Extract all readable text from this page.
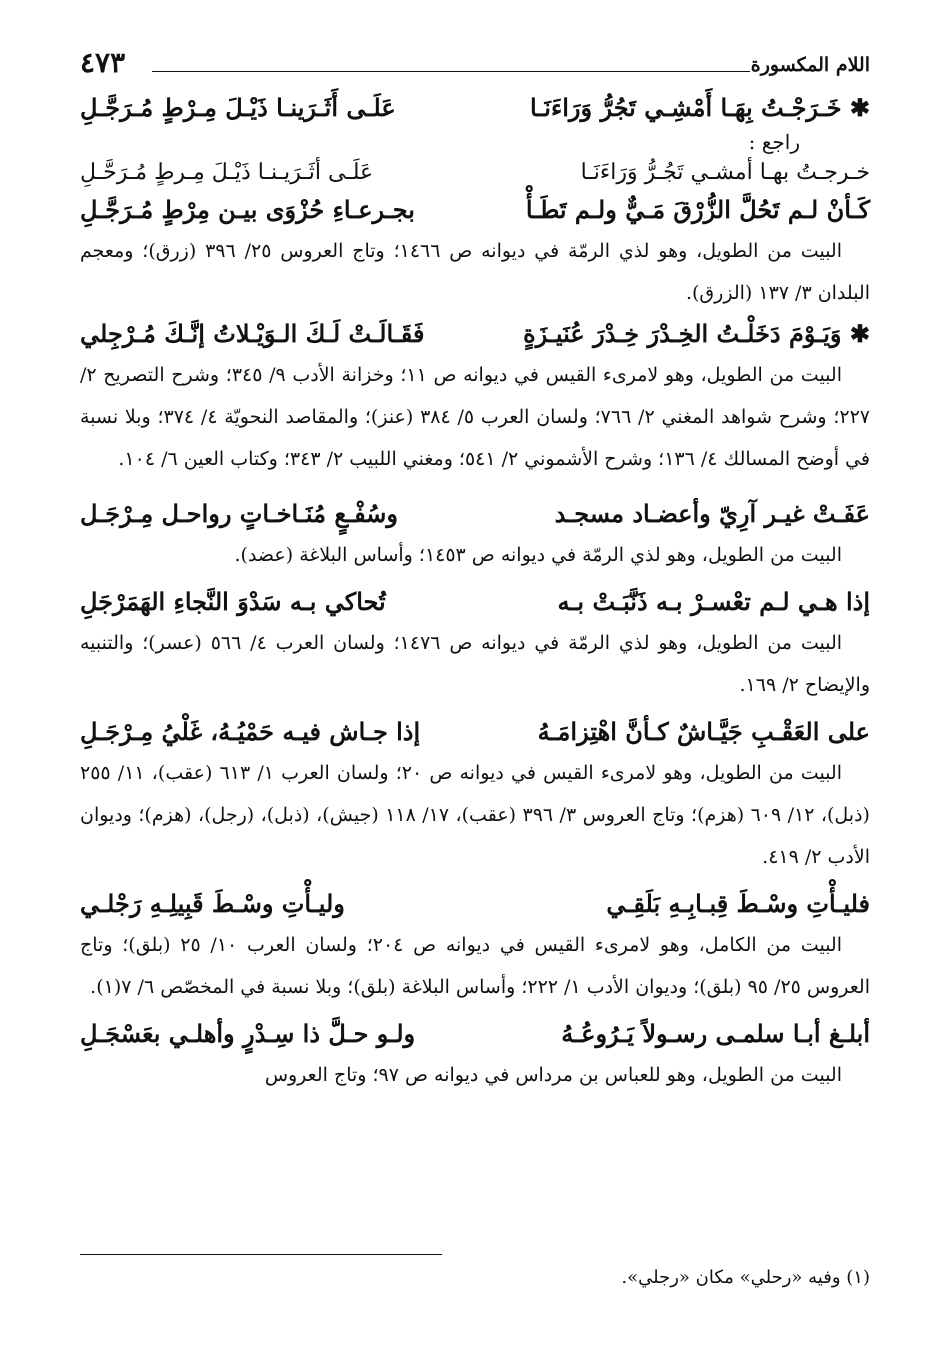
اللام المكسورة
٤٧٣
✱ خَـرَجْـتُ بِهَـا أَمْشِـي تَجُرُّ وَرَاءَنَـا
عَلَـى أَثَـرَينـا ذَيْـلَ مِـرْطٍ مُـرَجَّـلِ
راجع :
خـرجـتُ بهـا أمشـي تَجُـرُّ وَرَاءَنَـا
عَلَـى أثَـرَيـنـا ذَيْـلَ مِـرطٍ مُـرَحَّـلِ
كَـأنْ لـم تَحُلَّ الزُّرْقَ مَـيٌّ ولـم تَطَـأْ
بجـرعـاءِ حُزْوَى بيـن مِرْطٍ مُـرَجَّـلِ
البيت من الطويل، وهو لذي الرمّة في ديوانه ص ١٤٦٦؛ وتاج العروس ٢٥/ ٣٩٦ (زرق)؛ ومعجم البلدان ٣/ ١٣٧ (الزرق).
✱ وَيَـوْمَ دَخَلْـتُ الخِـدْرَ خِـدْرَ عُنَيـزَةٍ
فَقَـالَـتْ لَـكَ الـوَيْـلاتُ إنَّـكَ مُـرْجِلي
البيت من الطويل، وهو لامرىء القيس في ديوانه ص ١١؛ وخزانة الأدب ٩/ ٣٤٥؛ وشرح التصريح ٢/ ٢٢٧؛ وشرح شواهد المغني ٢/ ٧٦٦؛ ولسان العرب ٥/ ٣٨٤ (عنز)؛ والمقاصد النحويّة ٤/ ٣٧٤؛ وبلا نسبة في أوضح المسالك ٤/ ١٣٦؛ وشرح الأشموني ٢/ ٥٤١؛ ومغني اللبيب ٢/ ٣٤٣؛ وكتاب العين ٦/ ١٠٤.
عَفَـتْ غيـر آرِيّ وأعضـاد مسجـد
وسُفْـعٍ مُنَـاخـاتٍ رواحـل مِـرْجَـل
البيت من الطويل، وهو لذي الرمّة في ديوانه ص ١٤٥٣؛ وأساس البلاغة (عضد).
إذا هـي لـم تعْسـرْ بـه ذَنَّبَـتْ بـه
تُحاكي بـه سَدْوَ النَّجاءِ الهَمَرْجَلِ
البيت من الطويل، وهو لذي الرمّة في ديوانه ص ١٤٧٦؛ ولسان العرب ٤/ ٥٦٦ (عسر)؛ والتنبيه والإيضاح ٢/ ١٦٩.
على العَقْـبِ جَيَّـاشٌ كـأنَّ اهْتِزامَـهُ
إذا جـاش فيـه حَمْيُـهُ، غَلْيُ مِـرْجَـلِ
البيت من الطويل، وهو لامرىء القيس في ديوانه ص ٢٠؛ ولسان العرب ١/ ٦١٣ (عقب)، ١١/ ٢٥٥ (ذبل)، ١٢/ ٦٠٩ (هزم)؛ وتاج العروس ٣/ ٣٩٦ (عقب)، ١٧/ ١١٨ (جيش)، (ذبل)، (رجل)، (هزم)؛ وديوان الأدب ٢/ ٤١٩.
فليـأْتِ وسْـطَ قِبـابِـهِ بَلَقِـي
وليـأْتِ وسْـطَ قَبِيلِـهِ رَجْلـي
البيت من الكامل، وهو لامرىء القيس في ديوانه ص ٢٠٤؛ ولسان العرب ١٠/ ٢٥ (بلق)؛ وتاج العروس ٢٥/ ٩٥ (بلق)؛ وديوان الأدب ١/ ٢٢٢؛ وأساس البلاغة (بلق)؛ وبلا نسبة في المخصّص ٦/ ٧(١).
أبلـغ أبـا سلمـى رسـولاً يَـرُوعُـهُ
ولـو حـلَّ ذا سِـدْرٍ وأهلـي بعَسْجَـلِ
البيت من الطويل، وهو للعباس بن مرداس في ديوانه ص ٩٧؛ وتاج العروس
(١) وفيه «رحلي» مكان «رجلي».
